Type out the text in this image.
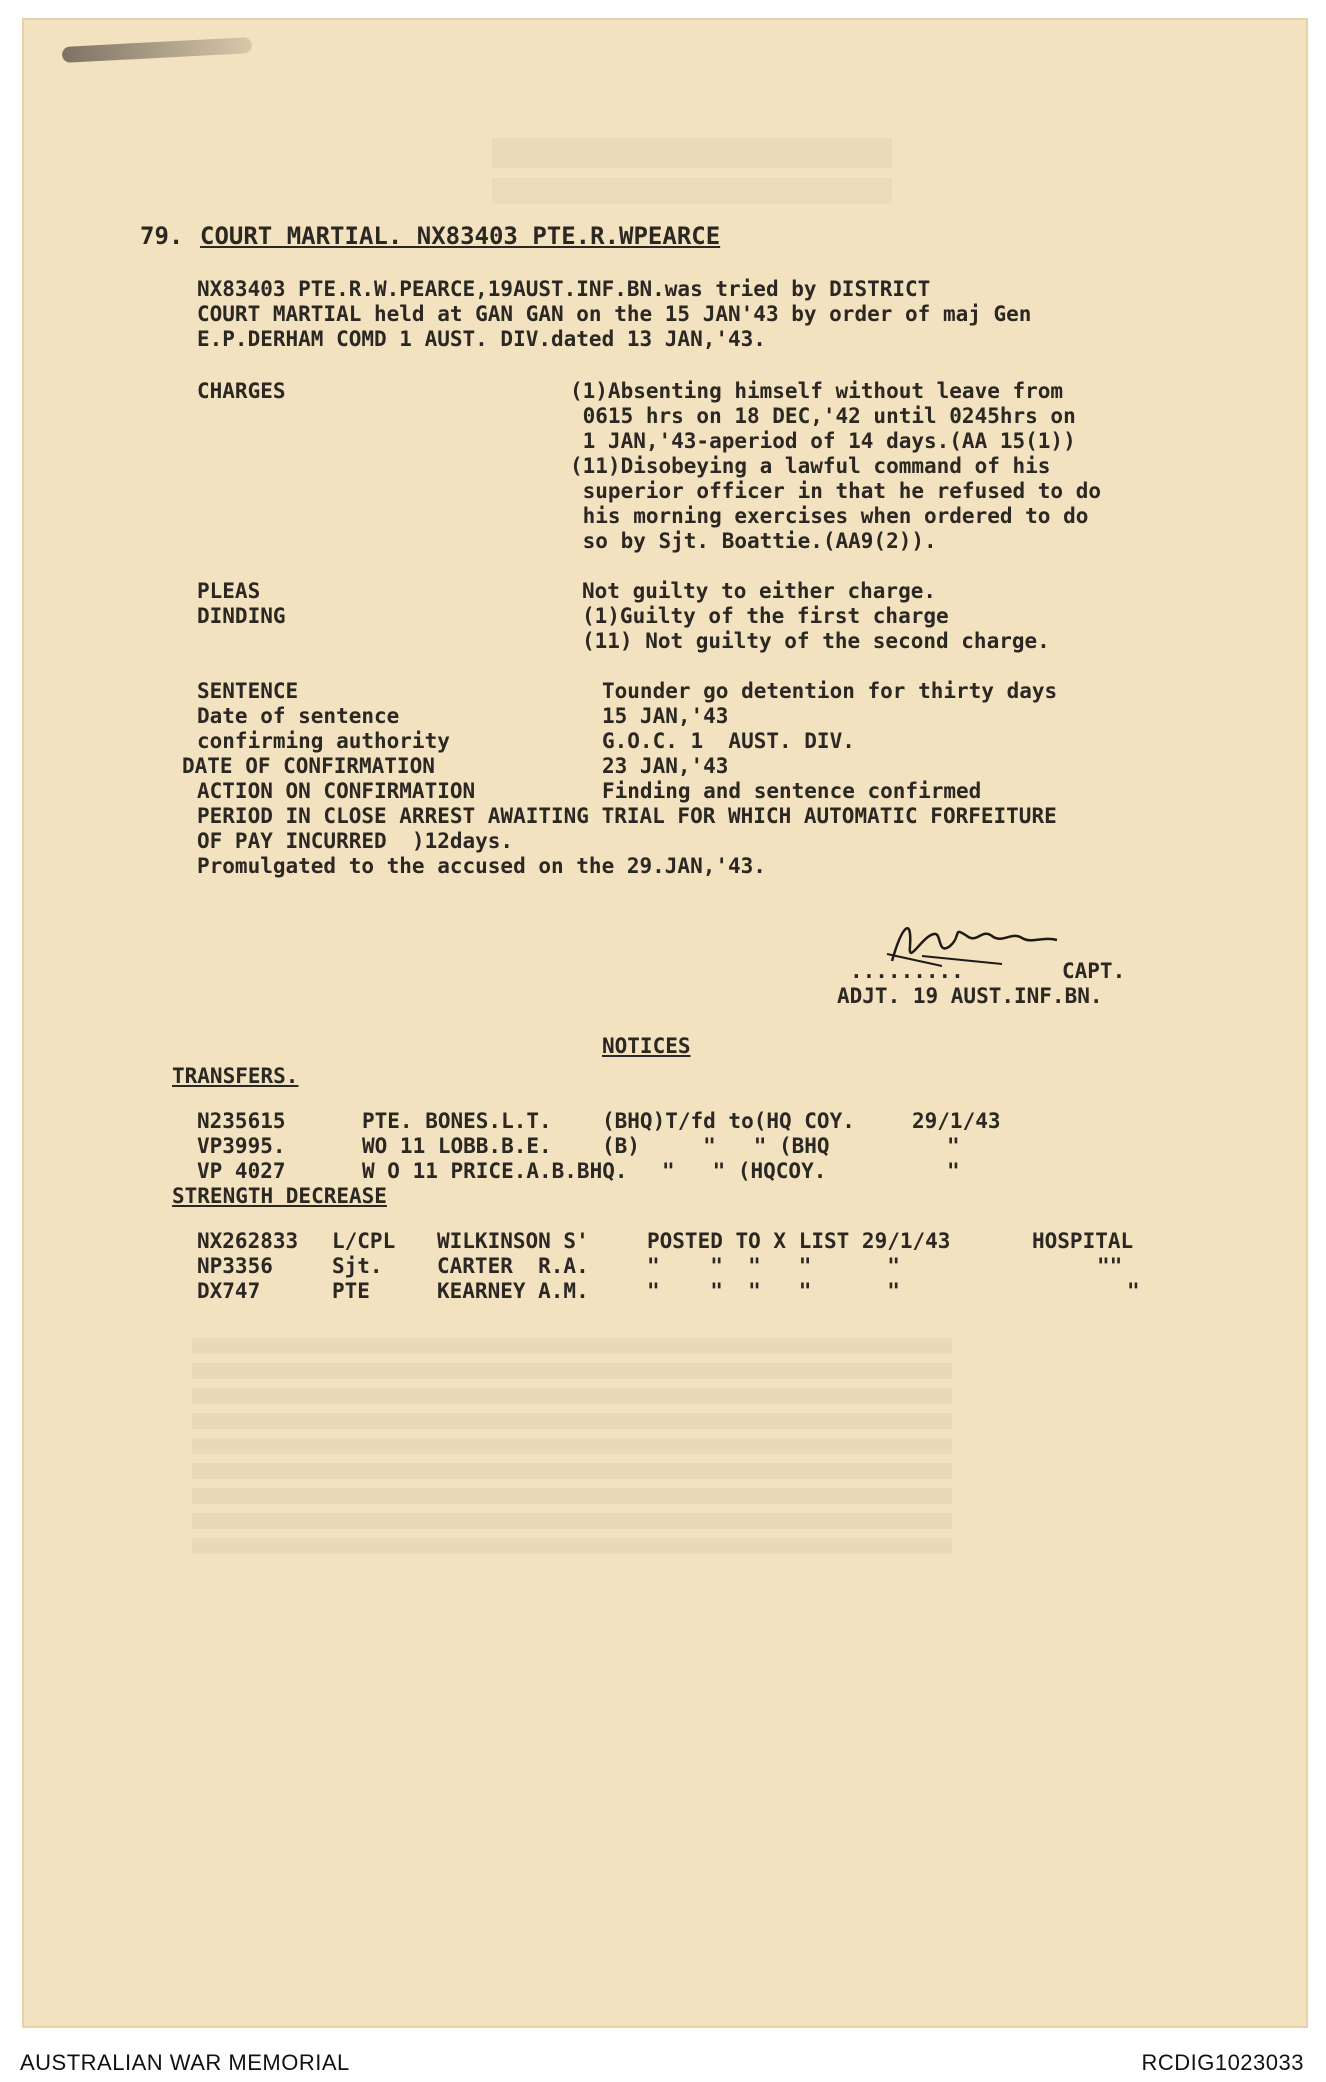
79. COURT MARTIAL. NX83403 PTE.R.WPEARCE
NX83403 PTE.R.W.PEARCE,19AUST.INF.BN.was tried by DISTRICT
COURT MARTIAL held at GAN GAN on the 15 JAN'43 by order of maj Gen
E.P.DERHAM COMD 1 AUST. DIV.dated 13 JAN,'43.
CHARGES	(1)Absenting himself without leave from
0615 hrs on 18 DEC,'42 until 0245hrs on
1 JAN,'43-aperiod of 14 days.(AA 15(1))
(11)Disobeying a lawful command of his
superior officer in that he refused to do
his morning exercises when ordered to do
so by Sjt. Boattie.(AA9(2)).
PLEAS	Not guilty to either charge.
DINDING	(1)Guilty of the first charge
(11) Not guilty of the second charge.
SENTENCE	Tounder go detention for thirty days
Date of sentence	15 JAN,'43
confirming authority	G.O.C. 1  AUST. DIV.
DATE OF CONFIRMATION	23 JAN,'43
ACTION ON CONFIRMATION	Finding and sentence confirmed
PERIOD IN CLOSE ARREST AWAITING TRIAL FOR WHICH AUTOMATIC FORFEITURE
OF PAY INCURRED  )12days.
Promulgated to the accused on the 29.JAN,'43.
.........	CAPT.
ADJT. 19 AUST.INF.BN.
NOTICES
TRANSFERS.
N235615	PTE. BONES.L.T. (BHQ)T/fd to(HQ COY.	29/1/43
VP3995.	WO 11 LOBB.B.E. (B)     "   " (BHQ	"
VP 4027	W O 11 PRICE.A.B.BHQ. "   " (HQCOY.	"
STRENGTH DECREASE
NX262833 L/CPL WILKINSON S'	POSTED TO X LIST 29/1/43	HOSPITAL
NP3356	Sjt.	CARTER  R.A.	"    "  "   "      "	""
DX747	PTE	KEARNEY A.M.	"    "  "   "      "	"
AUSTRALIAN WAR MEMORIAL	RCDIG1023033
